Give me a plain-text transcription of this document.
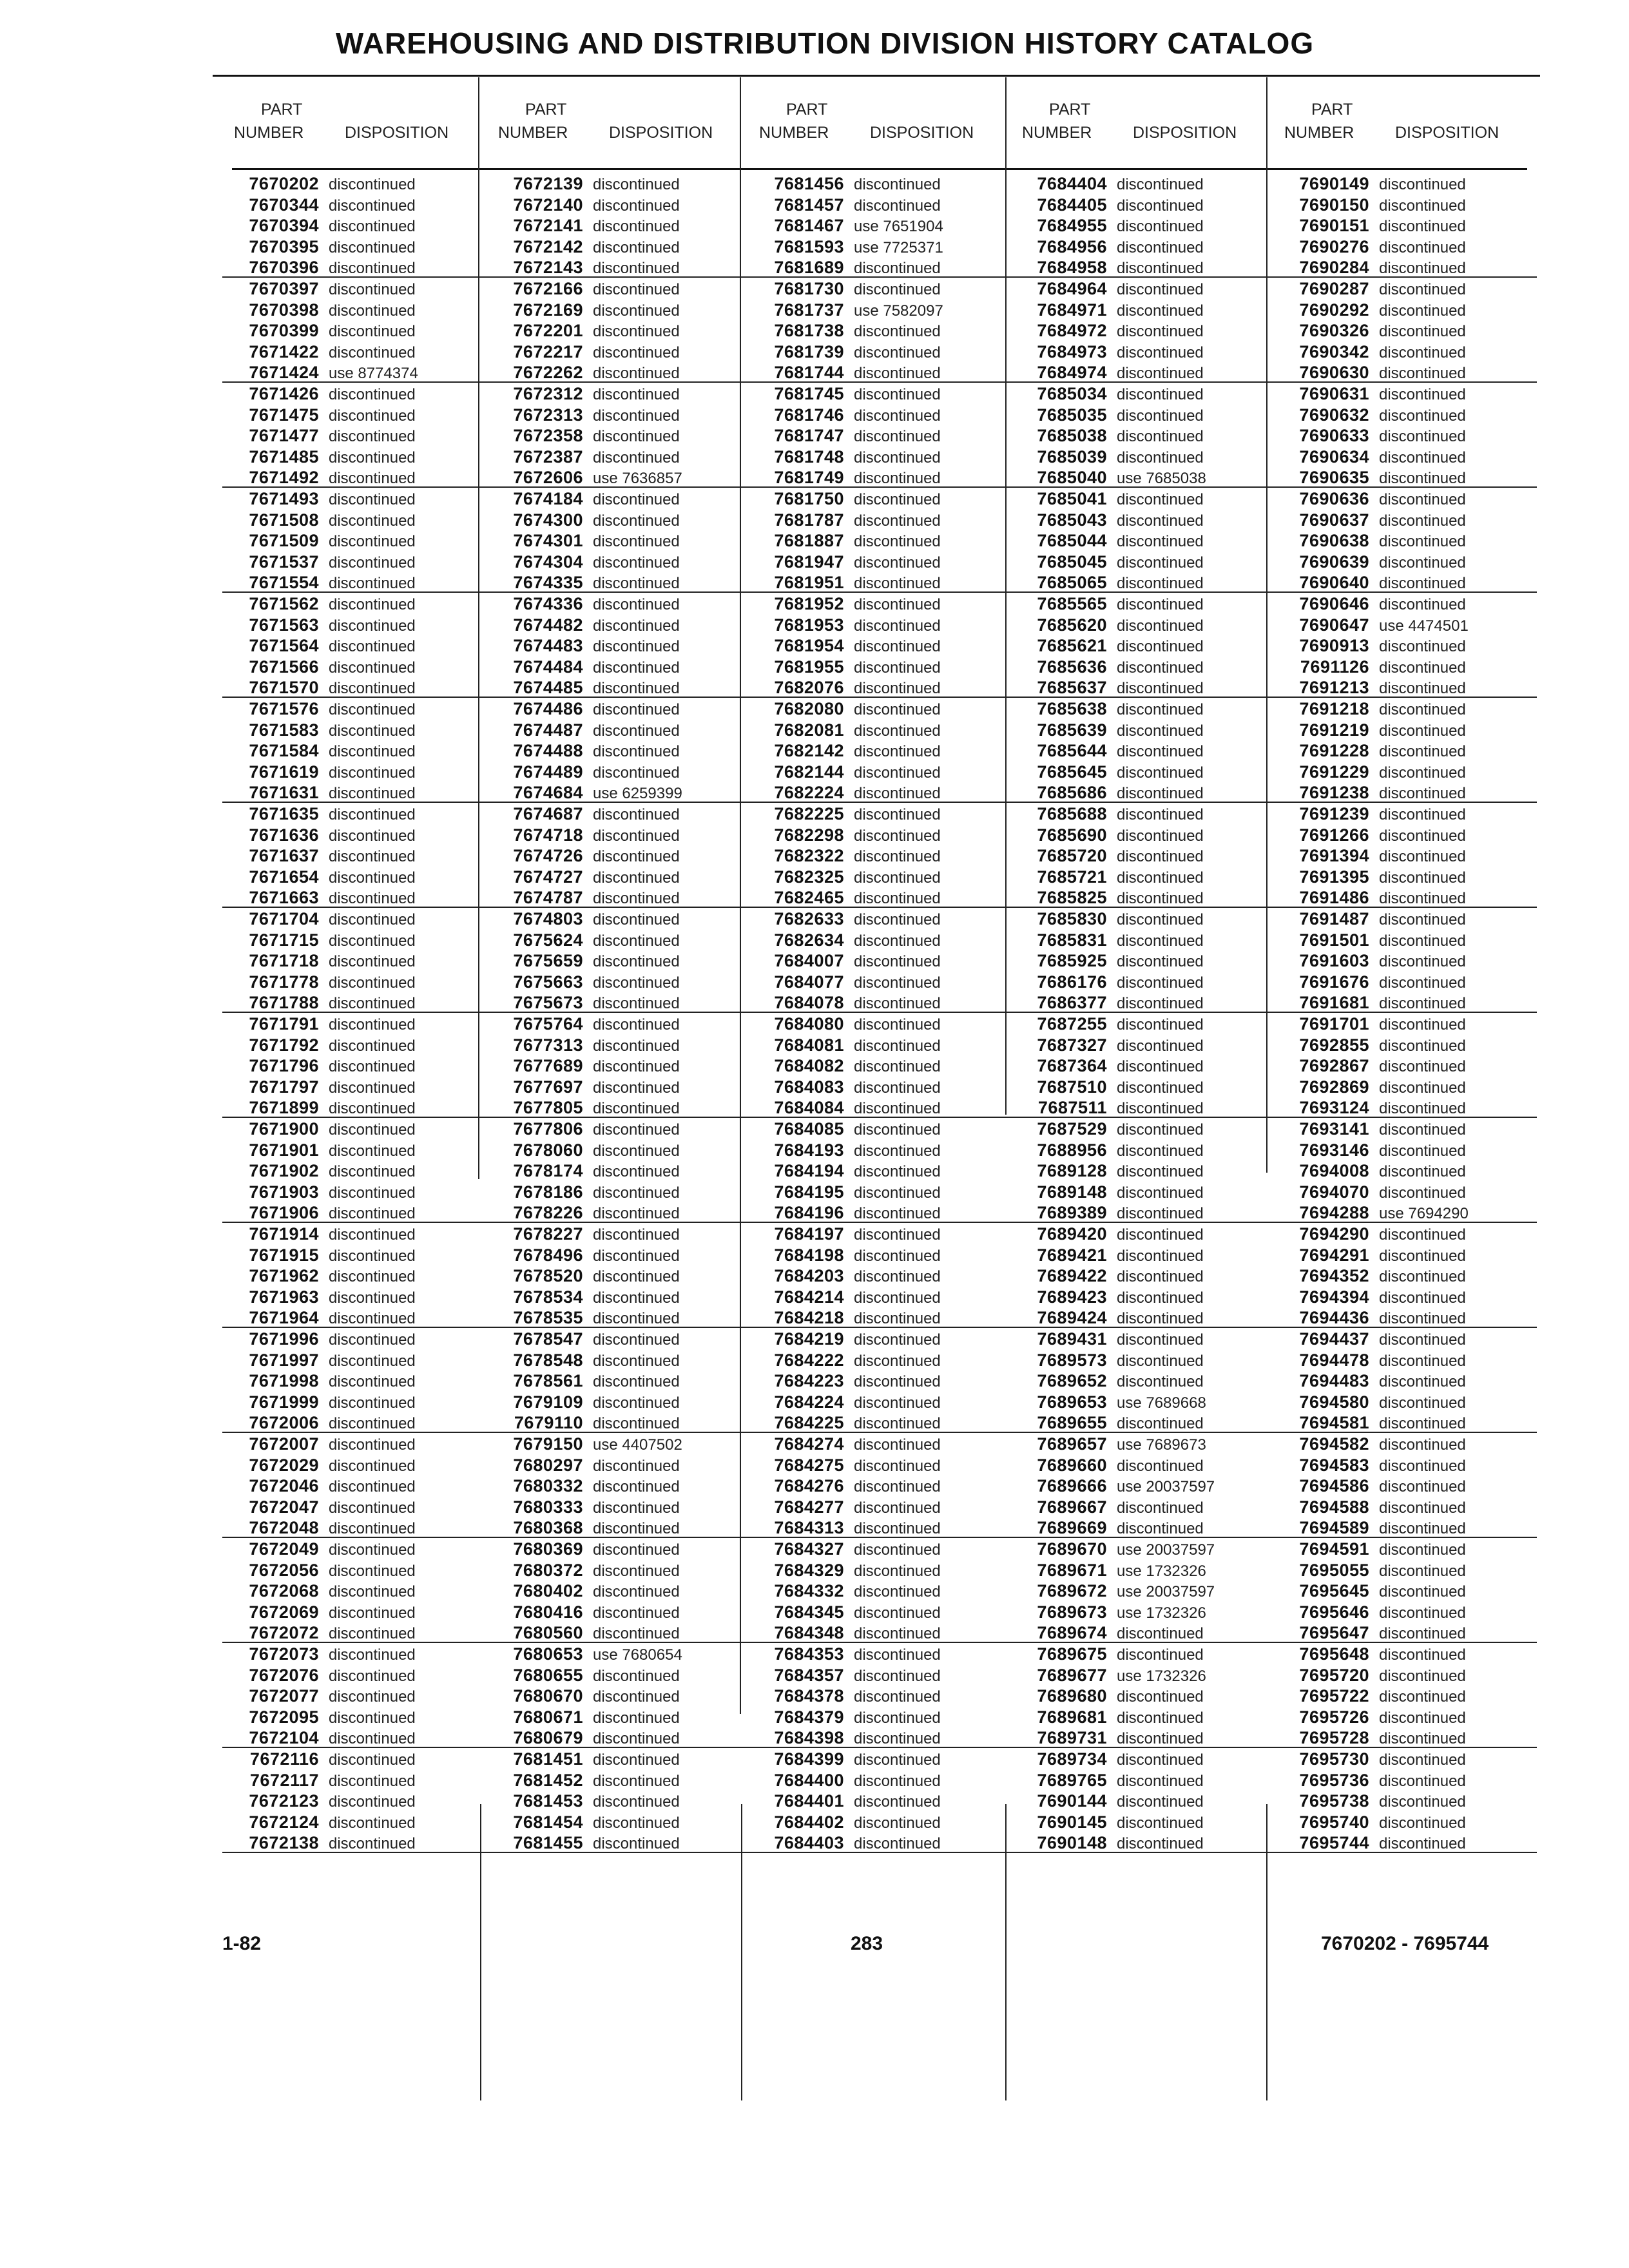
WAREHOUSING AND DISTRIBUTION DIVISION HISTORY CATALOG
PART
NUMBER	DISPOSITION
PART
NUMBER	DISPOSITION
PART
NUMBER	DISPOSITION
PART
NUMBER	DISPOSITION
PART
NUMBER	DISPOSITION
7670202 discontinued
7670344 discontinued
7670394 discontinued
7670395 discontinued
7670396 discontinued
7670397 discontinued
7670398 discontinued
7670399 discontinued
7671422 discontinued
7671424 use 8774374
7671426 discontinued
7671475 discontinued
7671477 discontinued
7671485 discontinued
7671492 discontinued
7671493 discontinued
7671508 discontinued
7671509 discontinued
7671537 discontinued
7671554 discontinued
7671562 discontinued
7671563 discontinued
7671564 discontinued
7671566 discontinued
7671570 discontinued
7671576 discontinued
7671583 discontinued
7671584 discontinued
7671619 discontinued
7671631 discontinued
7671635 discontinued
7671636 discontinued
7671637 discontinued
7671654 discontinued
7671663 discontinued
7671704 discontinued
7671715 discontinued
7671718 discontinued
7671778 discontinued
7671788 discontinued
7671791 discontinued
7671792 discontinued
7671796 discontinued
7671797 discontinued
7671899 discontinued
7671900 discontinued
7671901 discontinued
7671902 discontinued
7671903 discontinued
7671906 discontinued
7671914 discontinued
7671915 discontinued
7671962 discontinued
7671963 discontinued
7671964 discontinued
7671996 discontinued
7671997 discontinued
7671998 discontinued
7671999 discontinued
7672006 discontinued
7672007 discontinued
7672029 discontinued
7672046 discontinued
7672047 discontinued
7672048 discontinued
7672049 discontinued
7672056 discontinued
7672068 discontinued
7672069 discontinued
7672072 discontinued
7672073 discontinued
7672076 discontinued
7672077 discontinued
7672095 discontinued
7672104 discontinued
7672116 discontinued
7672117 discontinued
7672123 discontinued
7672124 discontinued
7672138 discontinued
7672139 discontinued
7672140 discontinued
7672141 discontinued
7672142 discontinued
7672143 discontinued
7672166 discontinued
7672169 discontinued
7672201 discontinued
7672217 discontinued
7672262 discontinued
7672312 discontinued
7672313 discontinued
7672358 discontinued
7672387 discontinued
7672606 use 7636857
7674184 discontinued
7674300 discontinued
7674301 discontinued
7674304 discontinued
7674335 discontinued
7674336 discontinued
7674482 discontinued
7674483 discontinued
7674484 discontinued
7674485 discontinued
7674486 discontinued
7674487 discontinued
7674488 discontinued
7674489 discontinued
7674684 use 6259399
7674687 discontinued
7674718 discontinued
7674726 discontinued
7674727 discontinued
7674787 discontinued
7674803 discontinued
7675624 discontinued
7675659 discontinued
7675663 discontinued
7675673 discontinued
7675764 discontinued
7677313 discontinued
7677689 discontinued
7677697 discontinued
7677805 discontinued
7677806 discontinued
7678060 discontinued
7678174 discontinued
7678186 discontinued
7678226 discontinued
7678227 discontinued
7678496 discontinued
7678520 discontinued
7678534 discontinued
7678535 discontinued
7678547 discontinued
7678548 discontinued
7678561 discontinued
7679109 discontinued
7679110 discontinued
7679150 use 4407502
7680297 discontinued
7680332 discontinued
7680333 discontinued
7680368 discontinued
7680369 discontinued
7680372 discontinued
7680402 discontinued
7680416 discontinued
7680560 discontinued
7680653 use 7680654
7680655 discontinued
7680670 discontinued
7680671 discontinued
7680679 discontinued
7681451 discontinued
7681452 discontinued
7681453 discontinued
7681454 discontinued
7681455 discontinued
7681456 discontinued
7681457 discontinued
7681467 use 7651904
7681593 use 7725371
7681689 discontinued
7681730 discontinued
7681737 use 7582097
7681738 discontinued
7681739 discontinued
7681744 discontinued
7681745 discontinued
7681746 discontinued
7681747 discontinued
7681748 discontinued
7681749 discontinued
7681750 discontinued
7681787 discontinued
7681887 discontinued
7681947 discontinued
7681951 discontinued
7681952 discontinued
7681953 discontinued
7681954 discontinued
7681955 discontinued
7682076 discontinued
7682080 discontinued
7682081 discontinued
7682142 discontinued
7682144 discontinued
7682224 discontinued
7682225 discontinued
7682298 discontinued
7682322 discontinued
7682325 discontinued
7682465 discontinued
7682633 discontinued
7682634 discontinued
7684007 discontinued
7684077 discontinued
7684078 discontinued
7684080 discontinued
7684081 discontinued
7684082 discontinued
7684083 discontinued
7684084 discontinued
7684085 discontinued
7684193 discontinued
7684194 discontinued
7684195 discontinued
7684196 discontinued
7684197 discontinued
7684198 discontinued
7684203 discontinued
7684214 discontinued
7684218 discontinued
7684219 discontinued
7684222 discontinued
7684223 discontinued
7684224 discontinued
7684225 discontinued
7684274 discontinued
7684275 discontinued
7684276 discontinued
7684277 discontinued
7684313 discontinued
7684327 discontinued
7684329 discontinued
7684332 discontinued
7684345 discontinued
7684348 discontinued
7684353 discontinued
7684357 discontinued
7684378 discontinued
7684379 discontinued
7684398 discontinued
7684399 discontinued
7684400 discontinued
7684401 discontinued
7684402 discontinued
7684403 discontinued
7684404 discontinued
7684405 discontinued
7684955 discontinued
7684956 discontinued
7684958 discontinued
7684964 discontinued
7684971 discontinued
7684972 discontinued
7684973 discontinued
7684974 discontinued
7685034 discontinued
7685035 discontinued
7685038 discontinued
7685039 discontinued
7685040 use 7685038
7685041 discontinued
7685043 discontinued
7685044 discontinued
7685045 discontinued
7685065 discontinued
7685565 discontinued
7685620 discontinued
7685621 discontinued
7685636 discontinued
7685637 discontinued
7685638 discontinued
7685639 discontinued
7685644 discontinued
7685645 discontinued
7685686 discontinued
7685688 discontinued
7685690 discontinued
7685720 discontinued
7685721 discontinued
7685825 discontinued
7685830 discontinued
7685831 discontinued
7685925 discontinued
7686176 discontinued
7686377 discontinued
7687255 discontinued
7687327 discontinued
7687364 discontinued
7687510 discontinued
7687511 discontinued
7687529 discontinued
7688956 discontinued
7689128 discontinued
7689148 discontinued
7689389 discontinued
7689420 discontinued
7689421 discontinued
7689422 discontinued
7689423 discontinued
7689424 discontinued
7689431 discontinued
7689573 discontinued
7689652 discontinued
7689653 use 7689668
7689655 discontinued
7689657 use 7689673
7689660 discontinued
7689666 use 20037597
7689667 discontinued
7689669 discontinued
7689670 use 20037597
7689671 use 1732326
7689672 use 20037597
7689673 use 1732326
7689674 discontinued
7689675 discontinued
7689677 use 1732326
7689680 discontinued
7689681 discontinued
7689731 discontinued
7689734 discontinued
7689765 discontinued
7690144 discontinued
7690145 discontinued
7690148 discontinued
7690149 discontinued
7690150 discontinued
7690151 discontinued
7690276 discontinued
7690284 discontinued
7690287 discontinued
7690292 discontinued
7690326 discontinued
7690342 discontinued
7690630 discontinued
7690631 discontinued
7690632 discontinued
7690633 discontinued
7690634 discontinued
7690635 discontinued
7690636 discontinued
7690637 discontinued
7690638 discontinued
7690639 discontinued
7690640 discontinued
7690646 discontinued
7690647 use 4474501
7690913 discontinued
7691126 discontinued
7691213 discontinued
7691218 discontinued
7691219 discontinued
7691228 discontinued
7691229 discontinued
7691238 discontinued
7691239 discontinued
7691266 discontinued
7691394 discontinued
7691395 discontinued
7691486 discontinued
7691487 discontinued
7691501 discontinued
7691603 discontinued
7691676 discontinued
7691681 discontinued
7691701 discontinued
7692855 discontinued
7692867 discontinued
7692869 discontinued
7693124 discontinued
7693141 discontinued
7693146 discontinued
7694008 discontinued
7694070 discontinued
7694288 use 7694290
7694290 discontinued
7694291 discontinued
7694352 discontinued
7694394 discontinued
7694436 discontinued
7694437 discontinued
7694478 discontinued
7694483 discontinued
7694580 discontinued
7694581 discontinued
7694582 discontinued
7694583 discontinued
7694586 discontinued
7694588 discontinued
7694589 discontinued
7694591 discontinued
7695055 discontinued
7695645 discontinued
7695646 discontinued
7695647 discontinued
7695648 discontinued
7695720 discontinued
7695722 discontinued
7695726 discontinued
7695728 discontinued
7695730 discontinued
7695736 discontinued
7695738 discontinued
7695740 discontinued
7695744 discontinued
1-82	283	7670202 - 7695744
